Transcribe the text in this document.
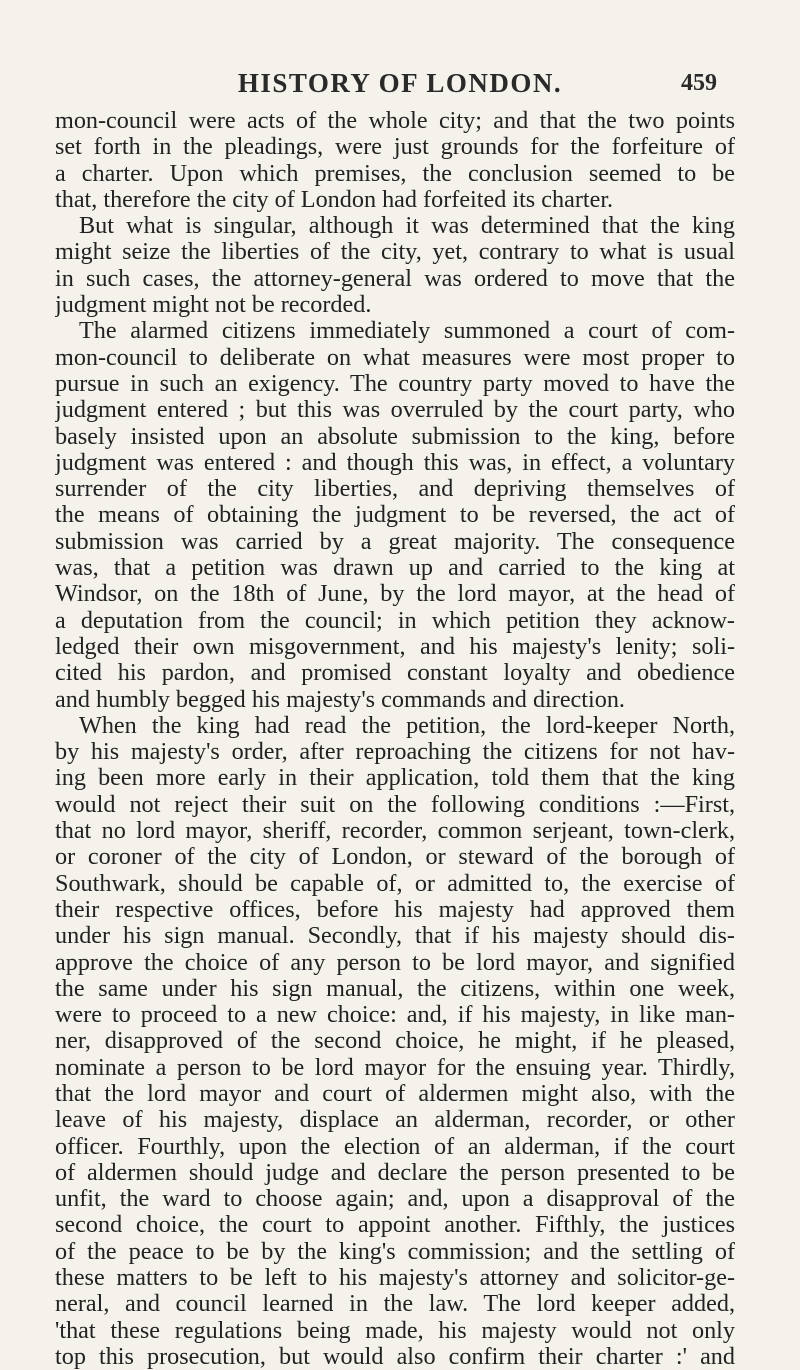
HISTORY OF LONDON.	459
mon-council were acts of the whole city; and that the two points
set forth in the pleadings, were just grounds for the forfeiture of
a charter. Upon which premises, the conclusion seemed to be
that, therefore the city of London had forfeited its charter.
But what is singular, although it was determined that the king
might seize the liberties of the city, yet, contrary to what is usual
in such cases, the attorney-general was ordered to move that the
judgment might not be recorded.
The alarmed citizens immediately summoned a court of com-
mon-council to deliberate on what measures were most proper to
pursue in such an exigency. The country party moved to have the
judgment entered ; but this was overruled by the court party, who
basely insisted upon an absolute submission to the king, before
judgment was entered : and though this was, in effect, a voluntary
surrender of the city liberties, and depriving themselves of
the means of obtaining the judgment to be reversed, the act of
submission was carried by a great majority. The consequence
was, that a petition was drawn up and carried to the king at
Windsor, on the 18th of June, by the lord mayor, at the head of
a deputation from the council; in which petition they acknow-
ledged their own misgovernment, and his majesty's lenity; soli-
cited his pardon, and promised constant loyalty and obedience
and humbly begged his majesty's commands and direction.
When the king had read the petition, the lord-keeper North,
by his majesty's order, after reproaching the citizens for not hav-
ing been more early in their application, told them that the king
would not reject their suit on the following conditions :—First,
that no lord mayor, sheriff, recorder, common serjeant, town-clerk,
or coroner of the city of London, or steward of the borough of
Southwark, should be capable of, or admitted to, the exercise of
their respective offices, before his majesty had approved them
under his sign manual. Secondly, that if his majesty should dis-
approve the choice of any person to be lord mayor, and signified
the same under his sign manual, the citizens, within one week,
were to proceed to a new choice: and, if his majesty, in like man-
ner, disapproved of the second choice, he might, if he pleased,
nominate a person to be lord mayor for the ensuing year. Thirdly,
that the lord mayor and court of aldermen might also, with the
leave of his majesty, displace an alderman, recorder, or other
officer. Fourthly, upon the election of an alderman, if the court
of aldermen should judge and declare the person presented to be
unfit, the ward to choose again; and, upon a disapproval of the
second choice, the court to appoint another. Fifthly, the justices
of the peace to be by the king's commission; and the settling of
these matters to be left to his majesty's attorney and solicitor-ge-
neral, and council learned in the law. The lord keeper added,
'that these regulations being made, his majesty would not only
top this prosecution, but would also confirm their charter :' and
